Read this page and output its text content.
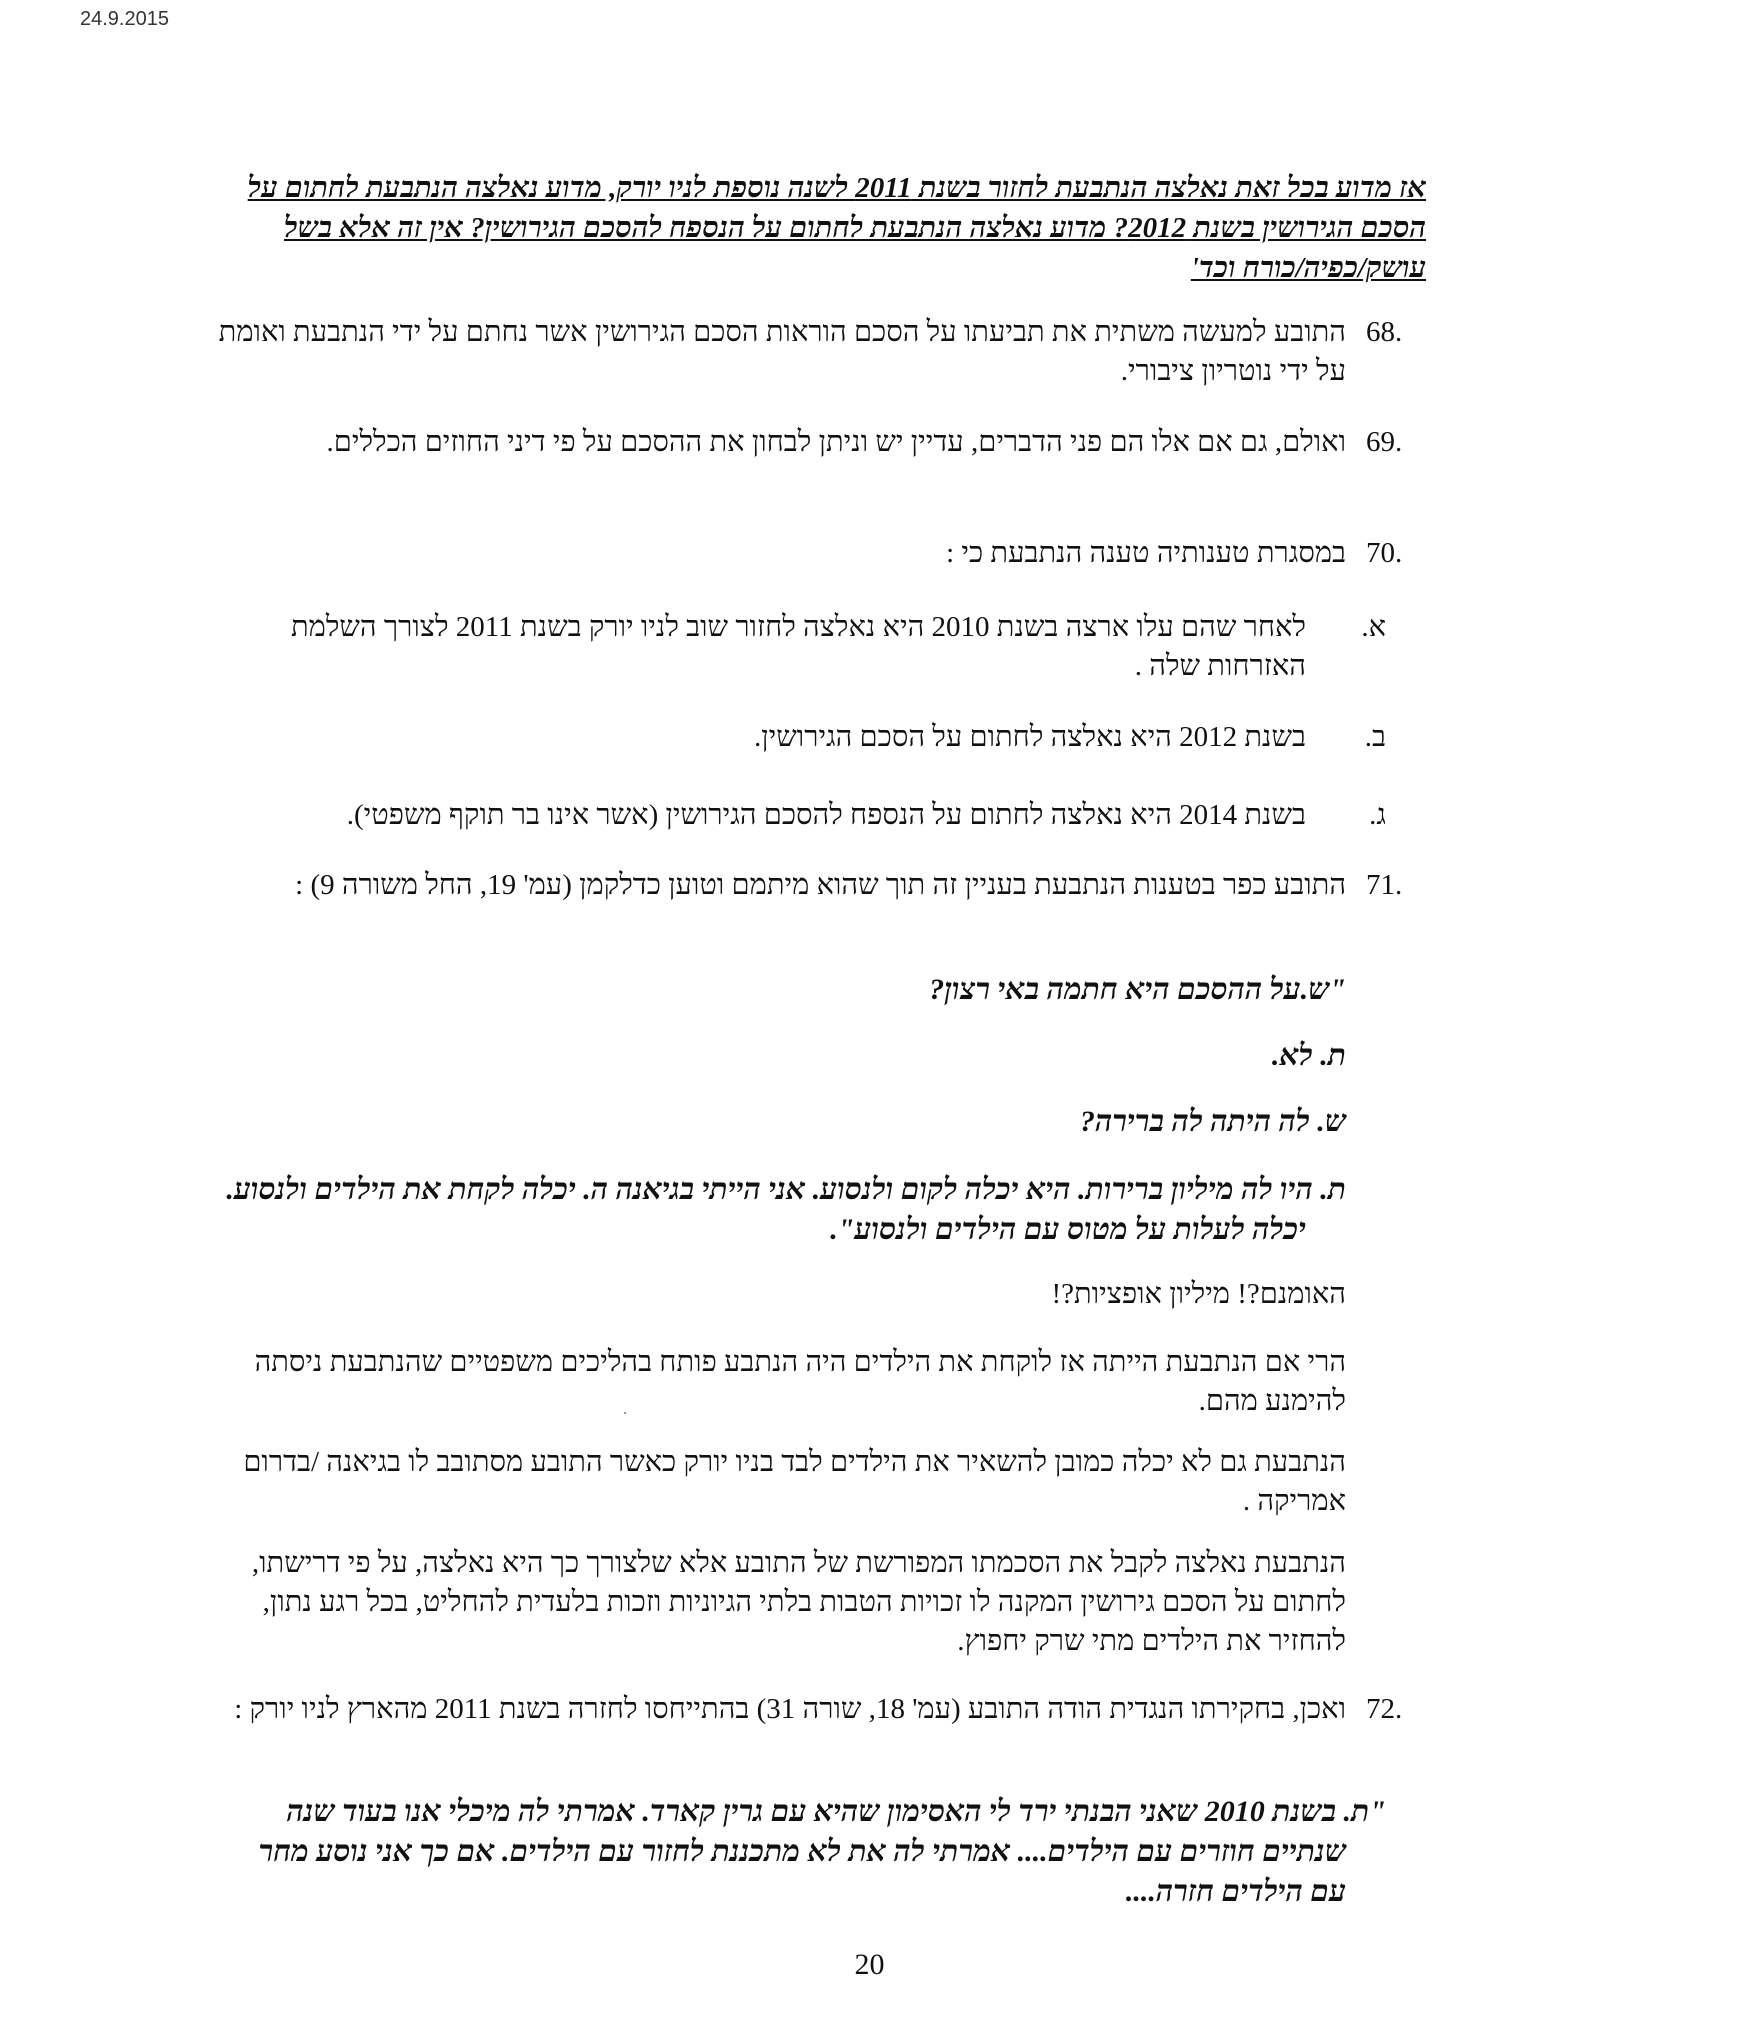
24.9.2015
אז מדוע בכל זאת נאלצה הנתבעת לחזור בשנת 2011 לשנה נוספת לניו יורק, מדוע נאלצה הנתבעת לחתום על הסכם הגירושין בשנת 2012? מדוע נאלצה הנתבעת לחתום על הנספח להסכם הגירושין? אין זה אלא בשל עושק/כפיה/כורח וכד'
68.
התובע למעשה משתית את תביעתו על הסכם הוראות הסכם הגירושין אשר נחתם על ידי הנתבעת ואומת על ידי נוטריון ציבורי.
69.
ואולם, גם אם אלו הם פני הדברים, עדיין יש וניתן לבחון את ההסכם על פי דיני החוזים הכללים.
70.
במסגרת טענותיה טענה הנתבעת כי :
א.לאחר שהם עלו ארצה בשנת 2010 היא נאלצה לחזור שוב לניו יורק בשנת 2011 לצורך השלמת האזרחות שלה .
ב.בשנת 2012 היא נאלצה לחתום על הסכם הגירושין.
ג.בשנת 2014 היא נאלצה לחתום על הנספח להסכם הגירושין (אשר אינו בר תוקף משפטי).
71.
התובע כפר בטענות הנתבעת בעניין זה תוך שהוא מיתמם וטוען כדלקמן (עמ' 19, החל משורה 9) :
"ש.על ההסכם היא חתמה באי רצון?
ת. לא.
ש. לה היתה לה ברירה?
ת. היו לה מיליון ברירות. היא יכלה לקום ולנסוע. אני הייתי בגיאנה ה. יכלה לקחת את הילדים ולנסוע. יכלה לעלות על מטוס עם הילדים ולנסוע".
האומנם?! מיליון אופציות?!
הרי אם הנתבעת הייתה אז לוקחת את הילדים היה הנתבע פותח בהליכים משפטיים שהנתבעת ניסתה להימנע מהם.
הנתבעת גם לא יכלה כמובן להשאיר את הילדים לבד בניו יורק כאשר התובע מסתובב לו בגיאנה /בדרום אמריקה .
הנתבעת נאלצה לקבל את הסכמתו המפורשת של התובע אלא שלצורך כך היא נאלצה, על פי דרישתו, לחתום על הסכם גירושין המקנה לו זכויות הטבות בלתי הגיוניות וזכות בלעדית להחליט, בכל רגע נתון, להחזיר את הילדים מתי שרק יחפוץ.
72.
ואכן, בחקירתו הנגדית הודה התובע (עמ' 18, שורה 31) בהתייחסו לחזרה בשנת 2011 מהארץ לניו יורק :
"ת. בשנת 2010 שאני הבנתי ירד לי האסימון שהיא עם גרין קארד. אמרתי לה מיכלי אנו בעוד שנה שנתיים חוזרים עם הילדים.... אמרתי לה את לא מתכננת לחזור עם הילדים. אם כך אני נוסע מחר עם הילדים חזרה....
20
